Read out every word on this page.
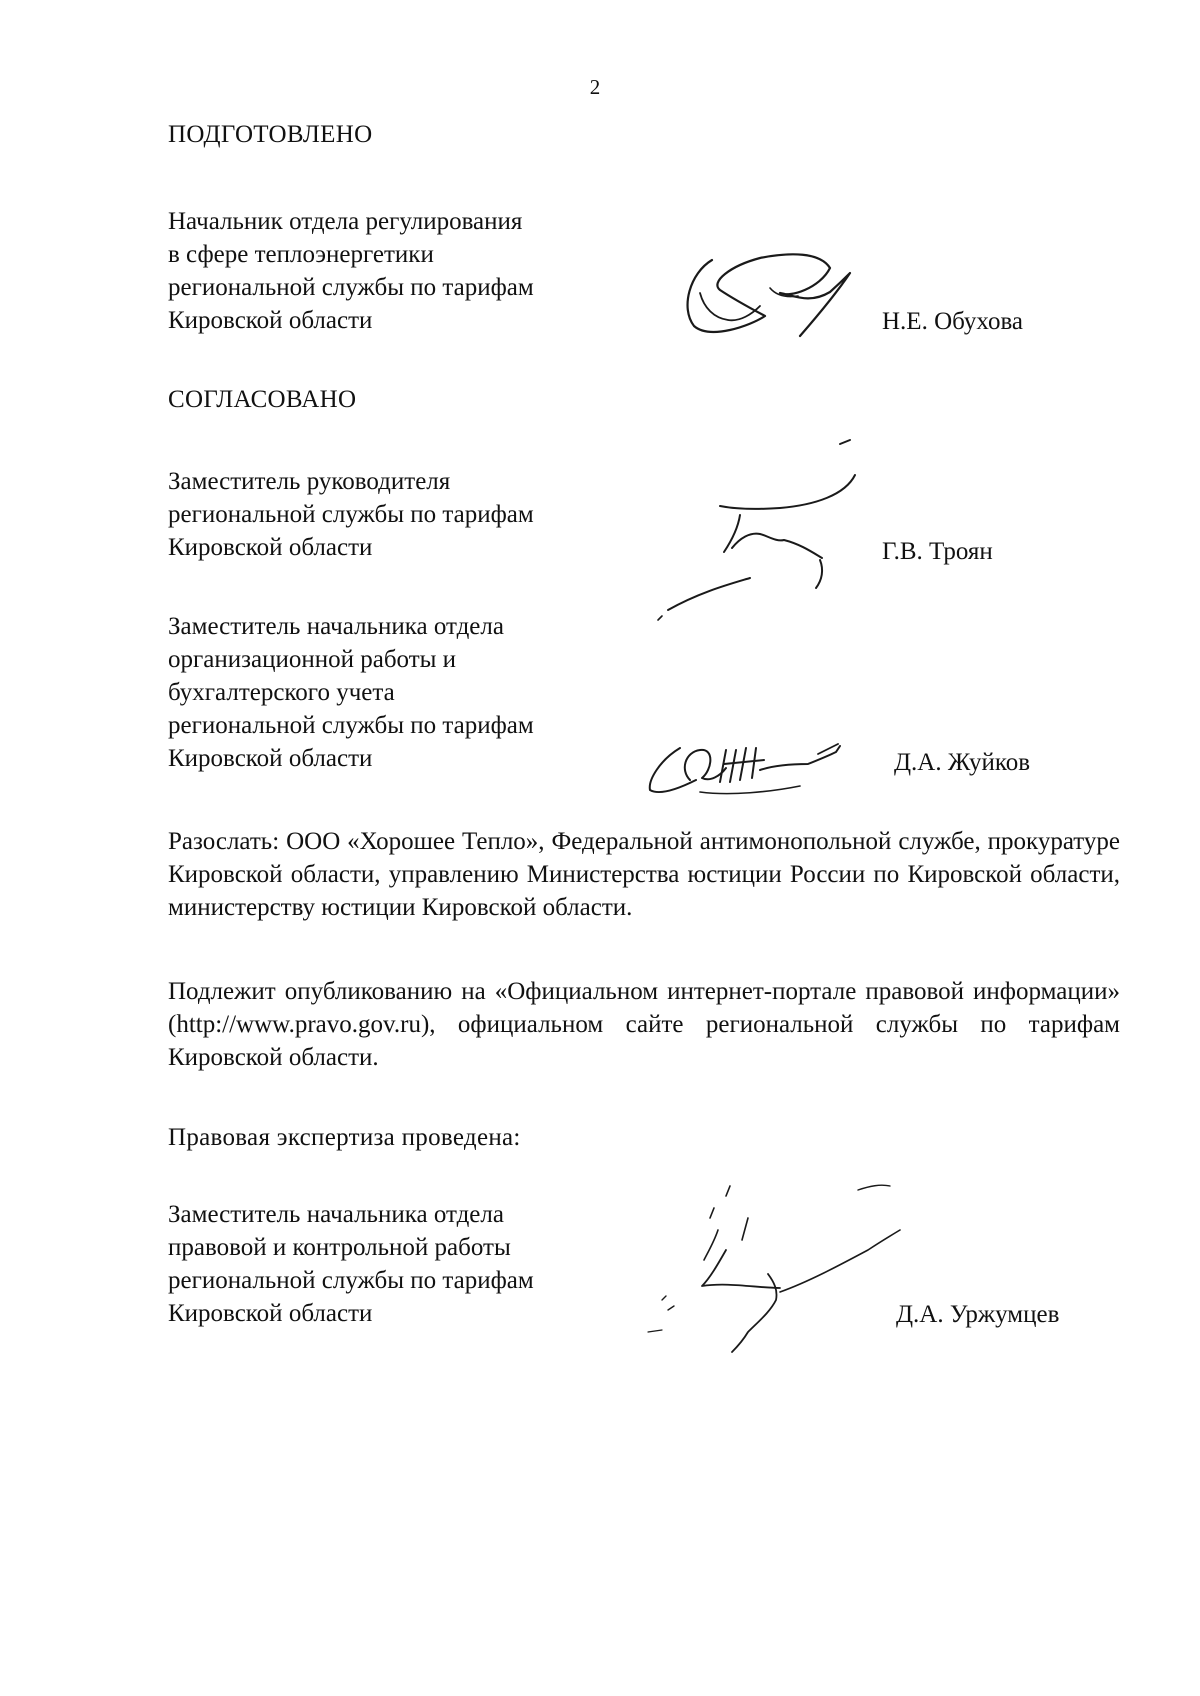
2
ПОДГОТОВЛЕНО
Начальник отдела регулирования
в сфере теплоэнергетики
региональной службы по тарифам
Кировской области	Н.Е. Обухова
СОГЛАСОВАНО
Заместитель руководителя
региональной службы по тарифам
Кировской области	Г.В. Троян
Заместитель начальника отдела
организационной работы и
бухгалтерского учета
региональной службы по тарифам
Кировской области	Д.А. Жуйков
Разослать: ООО «Хорошее Тепло», Федеральной антимонопольной службе, прокуратуре Кировской области, управлению Министерства юстиции России по Кировской области, министерству юстиции Кировской области.
Подлежит опубликованию на «Официальном интернет-портале правовой информации» (http://www.pravo.gov.ru), официальном сайте региональной службы по тарифам Кировской области.
Правовая экспертиза проведена:
Заместитель начальника отдела
правовой и контрольной работы
региональной службы по тарифам
Кировской области	Д.А. Уржумцев
